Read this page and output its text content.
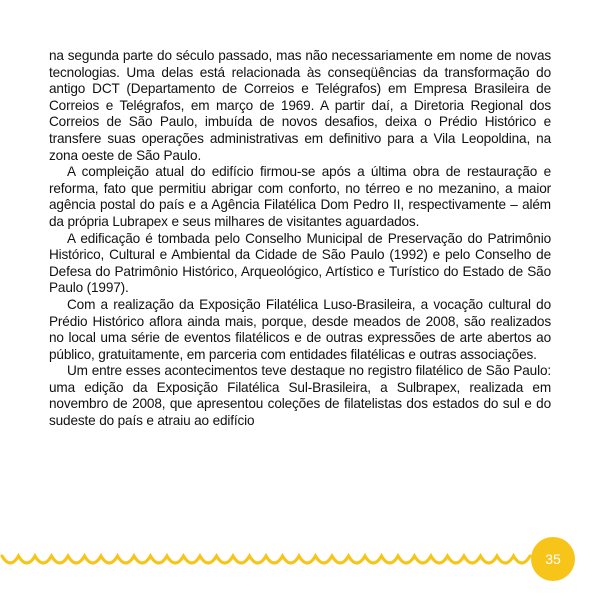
na segunda parte do século passado, mas não necessariamente em nome de novas tecnologias. Uma delas está relacionada às conseqüências da transformação do antigo DCT (Departamento de Correios e Telégrafos) em Empresa Brasileira de Correios e Telégrafos, em março de 1969. A partir daí, a Diretoria Regional dos Correios de São Paulo, imbuída de novos desafios, deixa o Prédio Histórico e transfere suas operações administrativas em definitivo para a Vila Leopoldina, na zona oeste de São Paulo.

A compleição atual do edifício firmou-se após a última obra de restauração e reforma, fato que permitiu abrigar com conforto, no térreo e no mezanino, a maior agência postal do país e a Agência Filatélica Dom Pedro II, respectivamente – além da própria Lubrapex e seus milhares de visitantes aguardados.

A edificação é tombada pelo Conselho Municipal de Preservação do Patrimônio Histórico, Cultural e Ambiental da Cidade de São Paulo (1992) e pelo Conselho de Defesa do Patrimônio Histórico, Arqueológico, Artístico e Turístico do Estado de São Paulo (1997).

Com a realização da Exposição Filatélica Luso-Brasileira, a vocação cultural do Prédio Histórico aflora ainda mais, porque, desde meados de 2008, são realizados no local uma série de eventos filatélicos e de outras expressões de arte abertos ao público, gratuitamente, em parceria com entidades filatélicas e outras associações.

Um entre esses acontecimentos teve destaque no registro filatélico de São Paulo: uma edição da Exposição Filatélica Sul-Brasileira, a Sulbrapex, realizada em novembro de 2008, que apresentou coleções de filatelistas dos estados do sul e do sudeste do país e atraiu ao edifício

35
